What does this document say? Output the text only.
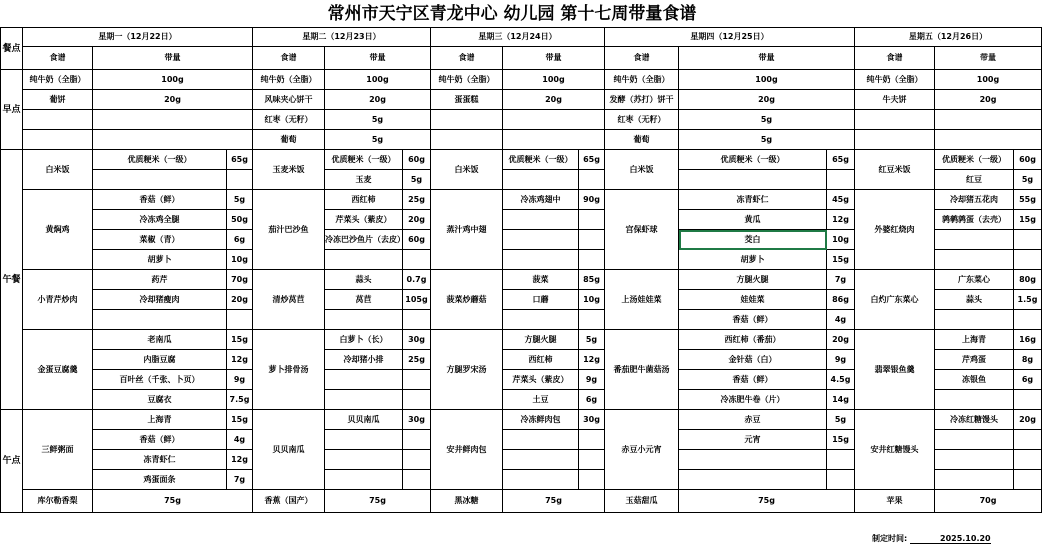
常州市天宁区青龙中心 幼儿园 第十七周带量食谱
餐点	星期一（12月22日）			星期二（12月23日）			星期三（12月24日）			星期四（12月25日）			星期五（12月26日）		
	食谱	带量		食谱	带量		食谱	带量		食谱	带量		食谱	带量	
早点	纯牛奶（全脂）	100g		纯牛奶（全脂）	100g		纯牛奶（全脂）	100g		纯牛奶（全脂）	100g		纯牛奶（全脂）	100g	
	葡饼	20g		风味夹心饼干	20g		蛋蛋糕	20g		发酵（苏打）饼干	20g		牛夫饼	20g	
				红枣（无籽）	5g					红枣（无籽）	5g				
				葡萄	5g					葡萄	5g				
午餐	白米饭	优质粳米（一级）	65g	玉麦米饭	优质粳米（一级）	60g	白米饭	优质粳米（一级）	65g	白米饭	优质粳米（一级）	65g	红豆米饭	优质粳米（一级）	60g
					玉麦	5g								红豆	5g
	黄焖鸡	香菇（鲜）	5g	茄汁巴沙鱼	西红柿	25g	蒸汁鸡中翅	冷冻鸡翅中	90g	宫保虾球	冻青虾仁	45g	外婆红烧肉	冷却猪五花肉	55g
		冷冻鸡全腿	50g		芹菜头（紫皮）	20g					黄瓜	12g		鹑鹌鹑蛋（去壳）	15g
		菜椒（青）	6g		冷冻巴沙鱼片（去皮）	60g					茭白	10g			
		胡萝卜	10g								胡萝卜	15g			
	小青芹炒肉	药芹	70g	清炒莴苣	蒜头	0.7g	菠菜炒蘑菇	菠菜	85g	上汤娃娃菜	方腿火腿	7g	白灼广东菜心	广东菜心	80g
		冷却猪瘦肉	20g		莴苣	105g		口蘑	10g		娃娃菜	86g		蒜头	1.5g
											香菇（鲜）	4g			
	金蛋豆腐羹	老南瓜	15g	萝卜排骨汤	白萝卜（长）	30g	方腿罗宋汤	方腿火腿	5g	番茄肥牛菌菇汤	西红柿（番茄）	20g	翡翠银鱼羹	上海青	16g
		内脂豆腐	12g		冷却猪小排	25g		西红柿	12g		金针菇（白）	9g		芹鸡蛋	8g
		百叶丝（千张、卜页）	9g					芹菜头（紫皮）	9g		香菇（鲜）	4.5g		冻银鱼	6g
		豆腐衣	7.5g					土豆	6g		冷冻肥牛卷（片）	14g			
午点	三鲜粥面	上海青	15g	贝贝南瓜	贝贝南瓜	30g	安井鲜肉包	冷冻鲜肉包	30g	赤豆小元宵	赤豆	5g	安井红糖馒头	冷冻红糖馒头	20g
		香菇（鲜）	4g								元宵	15g			
		冻青虾仁	12g												
		鸡蛋面条	7g												
	库尔勒香梨	75g		香蕉（国产）	75g		黑冰糖	75g		玉菇甜瓜	75g		苹果	70g	
制定时间:	2025.10.20
